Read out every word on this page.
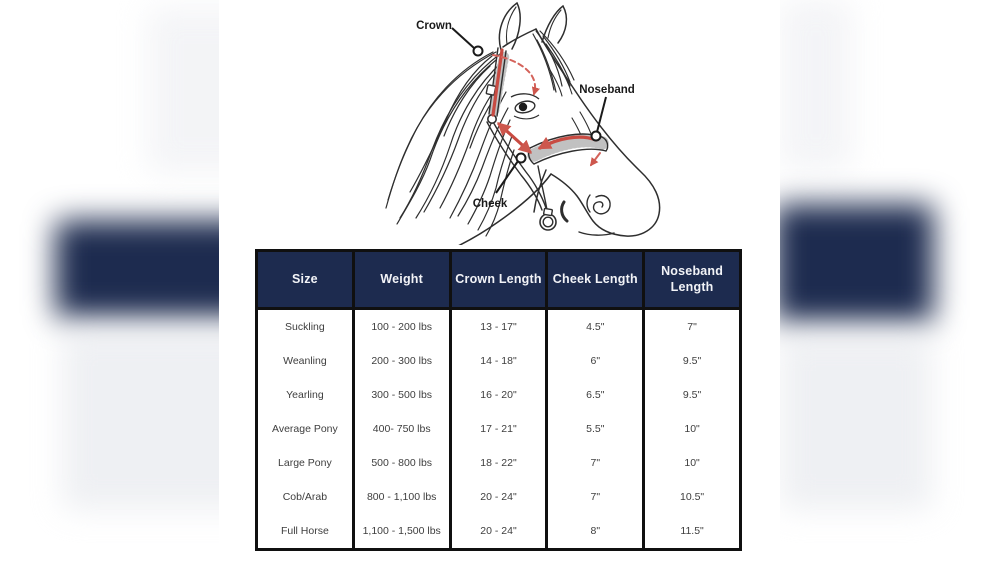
Crown
Noseband
Cheek
Size	Weight	Crown Length	Cheek Length	Noseband Length
Suckling	100 - 200 lbs	13 - 17"	4.5"	7"
Weanling	200 - 300 lbs	14 - 18"	6"	9.5"
Yearling	300 - 500 lbs	16 - 20"	6.5"	9.5"
Average Pony	400- 750 lbs	17 - 21"	5.5"	10"
Large Pony	500 - 800 lbs	18 - 22"	7"	10"
Cob/Arab	800 - 1,100 lbs	20 - 24"	7"	10.5"
Full Horse	1,100 - 1,500 lbs	20 - 24"	8"	11.5"
